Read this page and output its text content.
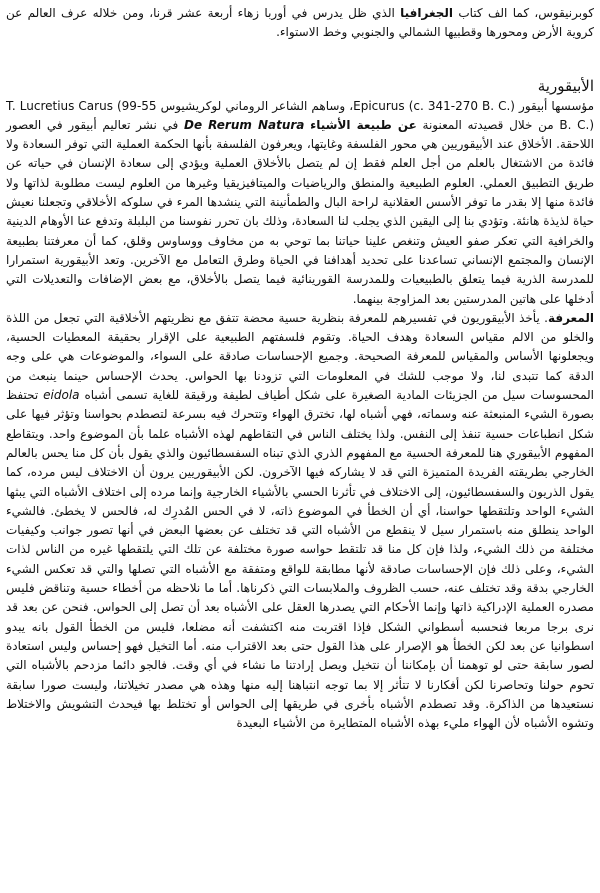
كوبرنيقوس، كما الف كتاب الجغرافيا الذي ظل يدرس في أوربا زهاء أربعة عشر قرنا، ومن خلاله عرف العالم عن كروية الأرض ومحورها وقطبيها الشمالي والجنوبي وخط الاستواء.

الأبيقورية

مؤسسها أبيقور Epicurus (c. 341-270 B. C.)، وساهم الشاعر الروماني لوكريشيوس T. Lucretius Carus (99-55 B. C.) من خلال قصيدته المعنونة عن طبيعة الأشياء De Rerum Natura في نشر تعاليم أبيقور في العصور اللاحقة. الأخلاق عند الأبيقوريين هي محور الفلسفة وغايتها، ويعرفون الفلسفة بأنها الحكمة العملية التي توفر السعادة ولا فائدة من الاشتغال بالعلم من أجل العلم فقط إن لم يتصل بالأخلاق العملية ويؤدي إلى سعادة الإنسان في حياته عن طريق التطبيق العملي. العلوم الطبيعية والمنطق والرياضيات والميتافيزيقيا وغيرها من العلوم ليست مطلوبة لذاتها ولا فائدة منها إلا بقدر ما توفر الأسس العقلانية لراحة البال والطمأنينة التي ينشدها المرء في سلوكه الأخلاقي وتجعلنا نعيش حياة لذيذة هانئة. وتؤدي بنا إلى اليقين الذي يجلب لنا السعادة، وذلك بان تحرر نفوسنا من البلبلة وتدفع عنا الأوهام الدينية والخرافية التي تعكر صفو العيش وتنغص علينا حياتنا بما توحي به من مخاوف ووساوس وقلق، كما أن معرفتنا بطبيعة الإنسان والمجتمع الإنساني تساعدنا على تحديد أهدافنا في الحياة وطرق التعامل مع الآخرين. وتعد الأبيقورية استمرارا للمدرسة الذرية فيما يتعلق بالطبيعيات وللمدرسة القورينائية فيما يتصل بالأخلاق، مع بعض الإضافات والتعديلات التي أدخلها على هاتين المدرستين بعد المزاوجة بينهما.

المعرفة. يأخذ الأبيقوريون في تفسيرهم للمعرفة بنظرية حسية محضة تتفق مع نظريتهم الأخلاقية التي تجعل من اللذة والخلو من الالم مقياس السعادة وهدف الحياة. وتقوم فلسفتهم الطبيعية على الإقرار بحقيقة المعطيات الحسية، ويجعلونها الأساس والمقياس للمعرفة الصحيحة. وجميع الإحساسات صادقة على السواء، والموضوعات هي على وجه الدقة كما تتبدى لنا، ولا موجب للشك في المعلومات التي تزودنا بها الحواس. يحدث الإحساس حينما ينبعث من المحسوسات سيل من الجزيئات المادية الصغيرة على شكل أطياف لطيفة ورقيقة للغاية تسمى أشباه eidola تحتفظ بصورة الشيء المنبعثة عنه وسماته، فهي أشباه لها، تخترق الهواء وتتحرك فيه بسرعة لتصطدم بحواسنا وتؤثر فيها على شكل انطباعات حسية تنفذ إلى النفس. ولذا يختلف الناس في التقاطهم لهذه الأشباه علما بأن الموضوع واحد. ويتقاطع المفهوم الأبيقوري هنا للمعرفة الحسية مع المفهوم الذري الذي تبناه السفسطائيون والذي يقول بأن كل منا يحس بالعالم الخارجي بطريقته الفريدة المتميزة التي قد لا يشاركه فيها الآخرون. لكن الأبيقوريين يرون أن الاختلاف ليس مرده، كما يقول الذريون والسفسطائيون، إلى الاختلاف في تأثرنا الحسي بالأشياء الخارجية وإنما مرده إلى اختلاف الأشباه التي يبثها الشيء الواحد وتلتقطها حواسنا، أي أن الخطأ في الموضوع ذاته، لا في الحس المُدرِك له، فالحس لا يخطئ. فالشيء الواحد ينطلق منه باستمرار سيل لا ينقطع من الأشباه التي قد تختلف عن بعضها البعض في أنها تصور جوانب وكيفيات مختلفة من ذلك الشيء، ولذا فإن كل منا قد تلتقط حواسه صورة مختلفة عن تلك التي يلتقطها غيره من الناس لذات الشيء، وعلى ذلك فإن الإحساسات صادقة لأنها مطابقة للواقع ومتفقة مع الأشباه التي تصلها والتي قد تعكس الشيء الخارجي بدقة وقد تختلف عنه، حسب الظروف والملابسات التي ذكرناها. أما ما نلاحظه من أخطاء حسية وتناقض فليس مصدره العملية الإدراكية ذاتها وإنما الأحكام التي يصدرها العقل على الأشباه بعد أن تصل إلى الحواس. فنحن عن بعد قد نرى برجا مربعا فنحسبه أسطواني الشكل فإذا اقتربت منه اكتشفت أنه مضلعا، فليس من الخطأ القول بانه يبدو اسطوانيا عن بعد لكن الخطأ هو الإصرار على هذا القول حتى بعد الاقتراب منه. أما التخيل فهو إحساس وليس استعادة لصور سابقة حتى لو توهمنا أن بإمكاننا أن نتخيل ويصل إرادتنا ما نشاء في أي وقت. فالجو دائما مزدحم بالأشباه التي تحوم حولنا وتحاصرنا لكن أفكارنا لا تتأثر إلا بما توجه انتباهنا إليه منها وهذه هي مصدر تخيلاتنا، وليست صورا سابقة نستعيدها من الذاكرة. وقد تصطدم الأشباه بأخرى في طريقها إلى الحواس أو تختلط بها فيحدث التشويش والاختلاط وتشوه الأشباه لأن الهواء مليء بهذه الأشباه المتطايرة من الأشياء البعيدة
